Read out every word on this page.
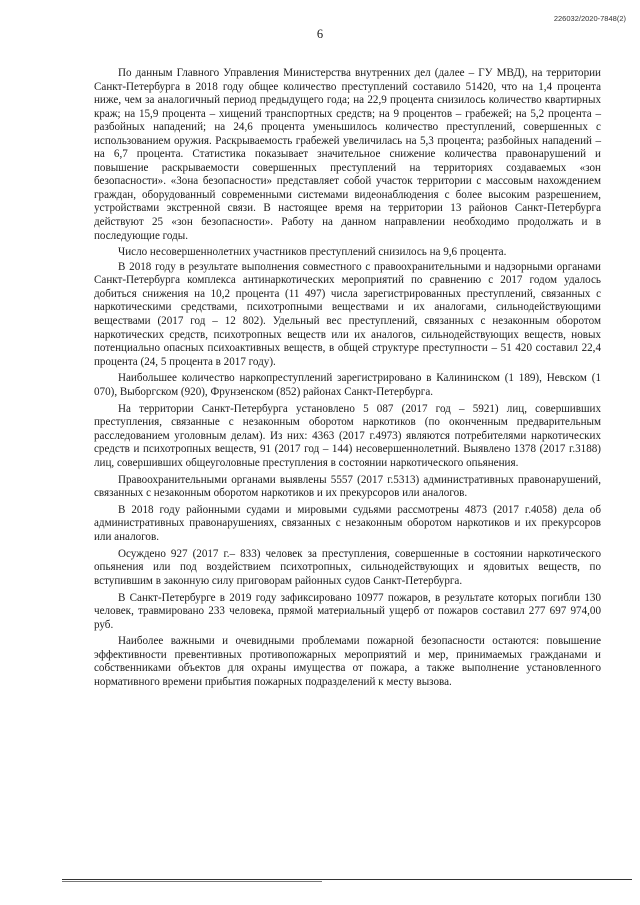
226032/2020-7848(2)
6

По данным Главного Управления Министерства внутренних дел (далее – ГУ МВД), на территории Санкт-Петербурга в 2018 году общее количество преступлений составило 51420, что на 1,4 процента ниже, чем за аналогичный период предыдущего года; на 22,9 процента снизилось количество квартирных краж; на 15,9 процента – хищений транспортных средств; на 9 процентов – грабежей; на 5,2 процента – разбойных нападений; на 24,6 процента уменьшилось количество преступлений, совершенных с использованием оружия. Раскрываемость грабежей увеличилась на 5,3 процента; разбойных нападений – на 6,7 процента. Статистика показывает значительное снижение количества правонарушений и повышение раскрываемости совершенных преступлений на территориях создаваемых «зон безопасности». «Зона безопасности» представляет собой участок территории с массовым нахождением граждан, оборудованный современными системами видеонаблюдения с более высоким разрешением, устройствами экстренной связи. В настоящее время на территории 13 районов Санкт-Петербурга действуют 25 «зон безопасности». Работу на данном направлении необходимо продолжать и в последующие годы.

Число несовершеннолетних участников преступлений снизилось на 9,6 процента.

В 2018 году в результате выполнения совместного с правоохранительными и надзорными органами Санкт-Петербурга комплекса антинаркотических мероприятий по сравнению с 2017 годом удалось добиться снижения на 10,2 процента (11 497) числа зарегистрированных преступлений, связанных с наркотическими средствами, психотропными веществами и их аналогами, сильнодействующими веществами (2017 год – 12 802). Удельный вес преступлений, связанных с незаконным оборотом наркотических средств, психотропных веществ или их аналогов, сильнодействующих веществ, новых потенциально опасных психоактивных веществ, в общей структуре преступности – 51 420 составил 22,4 процента (24, 5 процента в 2017 году).

Наибольшее количество наркопреступлений зарегистрировано в Калининском (1 189), Невском (1 070), Выборгском (920), Фрунзенском (852) районах Санкт-Петербурга.

На территории Санкт-Петербурга установлено 5 087 (2017 год – 5921) лиц, совершивших преступления, связанные с незаконным оборотом наркотиков (по оконченным предварительным расследованием уголовным делам). Из них: 4363 (2017 г.4973) являются потребителями наркотических средств и психотропных веществ, 91 (2017 год – 144) несовершеннолетний. Выявлено 1378 (2017 г.3188) лиц, совершивших общеуголовные преступления в состоянии наркотического опьянения.

Правоохранительными органами выявлены 5557 (2017 г.5313) административных правонарушений, связанных с незаконным оборотом наркотиков и их прекурсоров или аналогов.

В 2018 году районными судами и мировыми судьями рассмотрены 4873 (2017 г.4058) дела об административных правонарушениях, связанных с незаконным оборотом наркотиков и их прекурсоров или аналогов.

Осуждено 927 (2017 г.– 833) человек за преступления, совершенные в состоянии наркотического опьянения или под воздействием психотропных, сильнодействующих и ядовитых веществ, по вступившим в законную силу приговорам районных судов Санкт-Петербурга.

В Санкт-Петербурге в 2019 году зафиксировано 10977 пожаров, в результате которых погибли 130 человек, травмировано 233 человека, прямой материальный ущерб от пожаров составил 277 697 974,00 руб.

Наиболее важными и очевидными проблемами пожарной безопасности остаются: повышение эффективности превентивных противопожарных мероприятий и мер, принимаемых гражданами и собственниками объектов для охраны имущества от пожара, а также выполнение установленного нормативного времени прибытия пожарных подразделений к месту вызова.
